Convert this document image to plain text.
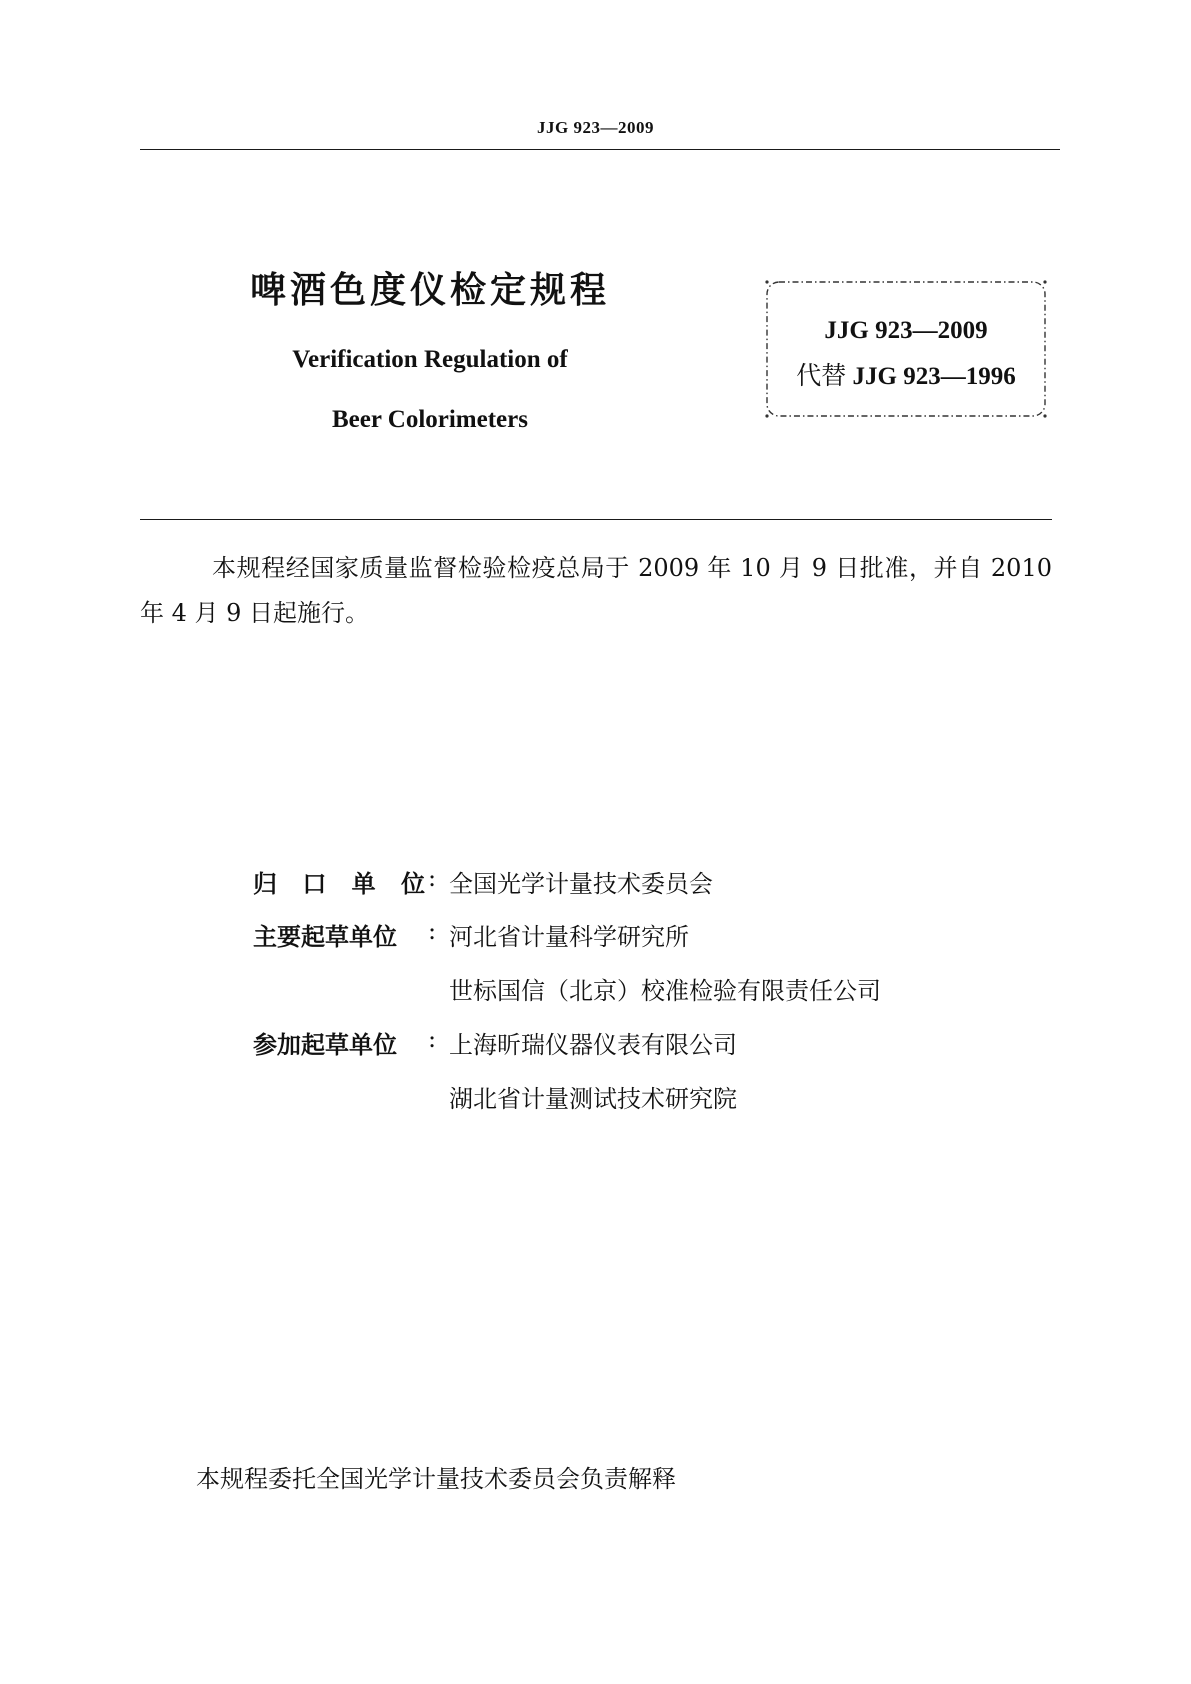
JJG 923—2009
啤酒色度仪检定规程
Verification Regulation of
Beer Colorimeters
JJG 923—2009
代替 JJG 923—1996
本规程经国家质量监督检验检疫总局于 2009 年 10 月 9 日批准，并自 2010 年 4 月 9 日起施行。
归 口 单 位 : 全国光学计量技术委员会
主要起草单位	: 河北省计量科学研究所
世标国信（北京）校准检验有限责任公司
参加起草单位	: 上海昕瑞仪器仪表有限公司
湖北省计量测试技术研究院
本规程委托全国光学计量技术委员会负责解释
